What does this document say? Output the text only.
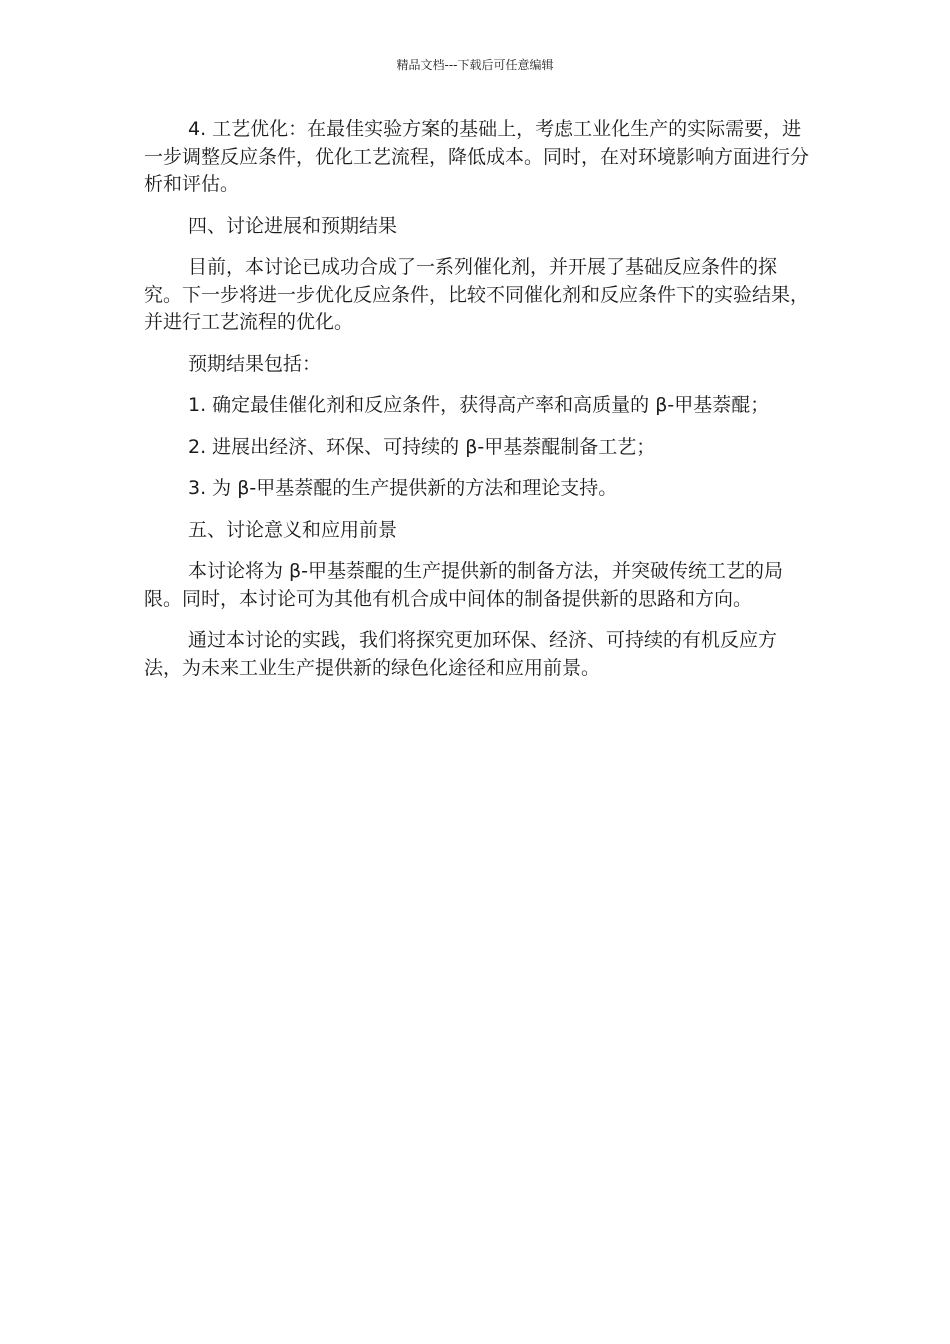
精品文档---下载后可任意编辑

4. 工艺优化：在最佳实验方案的基础上，考虑工业化生产的实际需要，进一步调整反应条件，优化工艺流程，降低成本。同时，在对环境影响方面进行分析和评估。

四、讨论进展和预期结果

目前，本讨论已成功合成了一系列催化剂，并开展了基础反应条件的探究。下一步将进一步优化反应条件，比较不同催化剂和反应条件下的实验结果，并进行工艺流程的优化。

预期结果包括：

1. 确定最佳催化剂和反应条件，获得高产率和高质量的 β-甲基萘醌；

2. 进展出经济、环保、可持续的 β-甲基萘醌制备工艺；

3. 为 β-甲基萘醌的生产提供新的方法和理论支持。

五、讨论意义和应用前景

本讨论将为 β-甲基萘醌的生产提供新的制备方法，并突破传统工艺的局限。同时，本讨论可为其他有机合成中间体的制备提供新的思路和方向。

通过本讨论的实践，我们将探究更加环保、经济、可持续的有机反应方法，为未来工业生产提供新的绿色化途径和应用前景。
